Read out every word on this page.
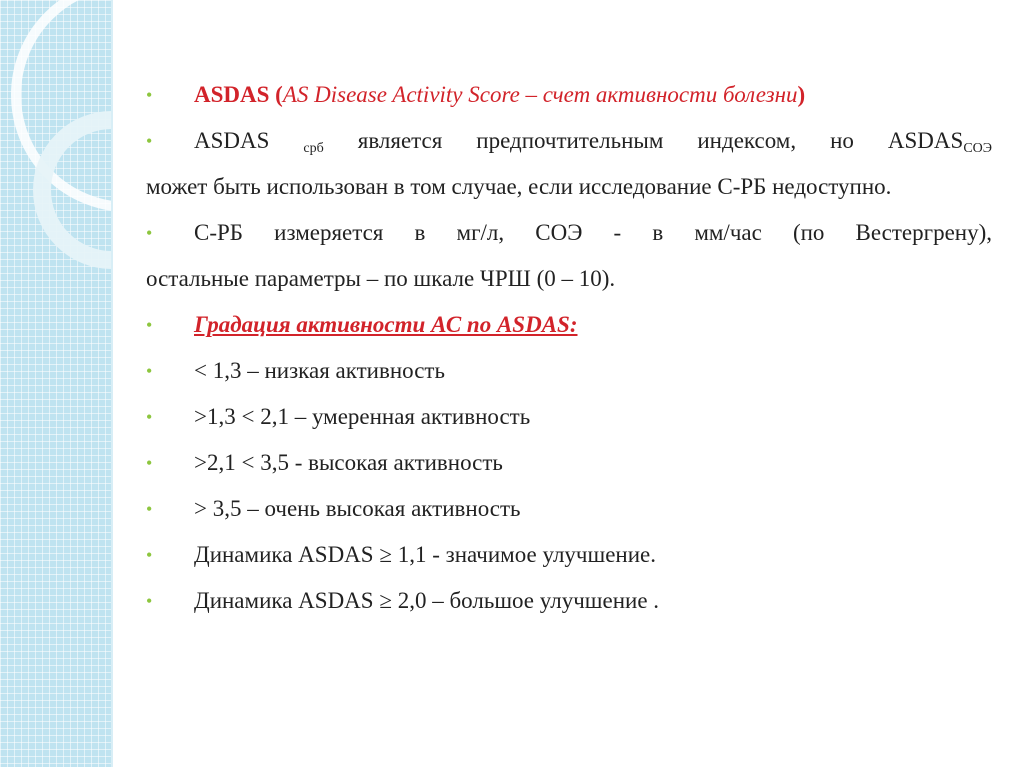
• ASDAS (AS Disease Activity Score – счет активности болезни)
• ASDAS $_{срб}$ является предпочтительным индексом, но $ASDAS_{СОЭ}$
может быть использован в том случае, если исследование С-РБ недоступно.
• С-РБ измеряется в мг/л, СОЭ - в мм/час (по Вестергрену),
остальные параметры – по шкале ЧРШ (0 – 10).
• Градация активности АС по ASDAS:
• < 1,3 – низкая активность
• >1,3 < 2,1 – умеренная активность
• >2,1 < 3,5 - высокая активность
• > 3,5 – очень высокая активность
• Динамика ASDAS ≥ 1,1 - значимое улучшение.
• Динамика ASDAS ≥ 2,0 – большое улучшение .
